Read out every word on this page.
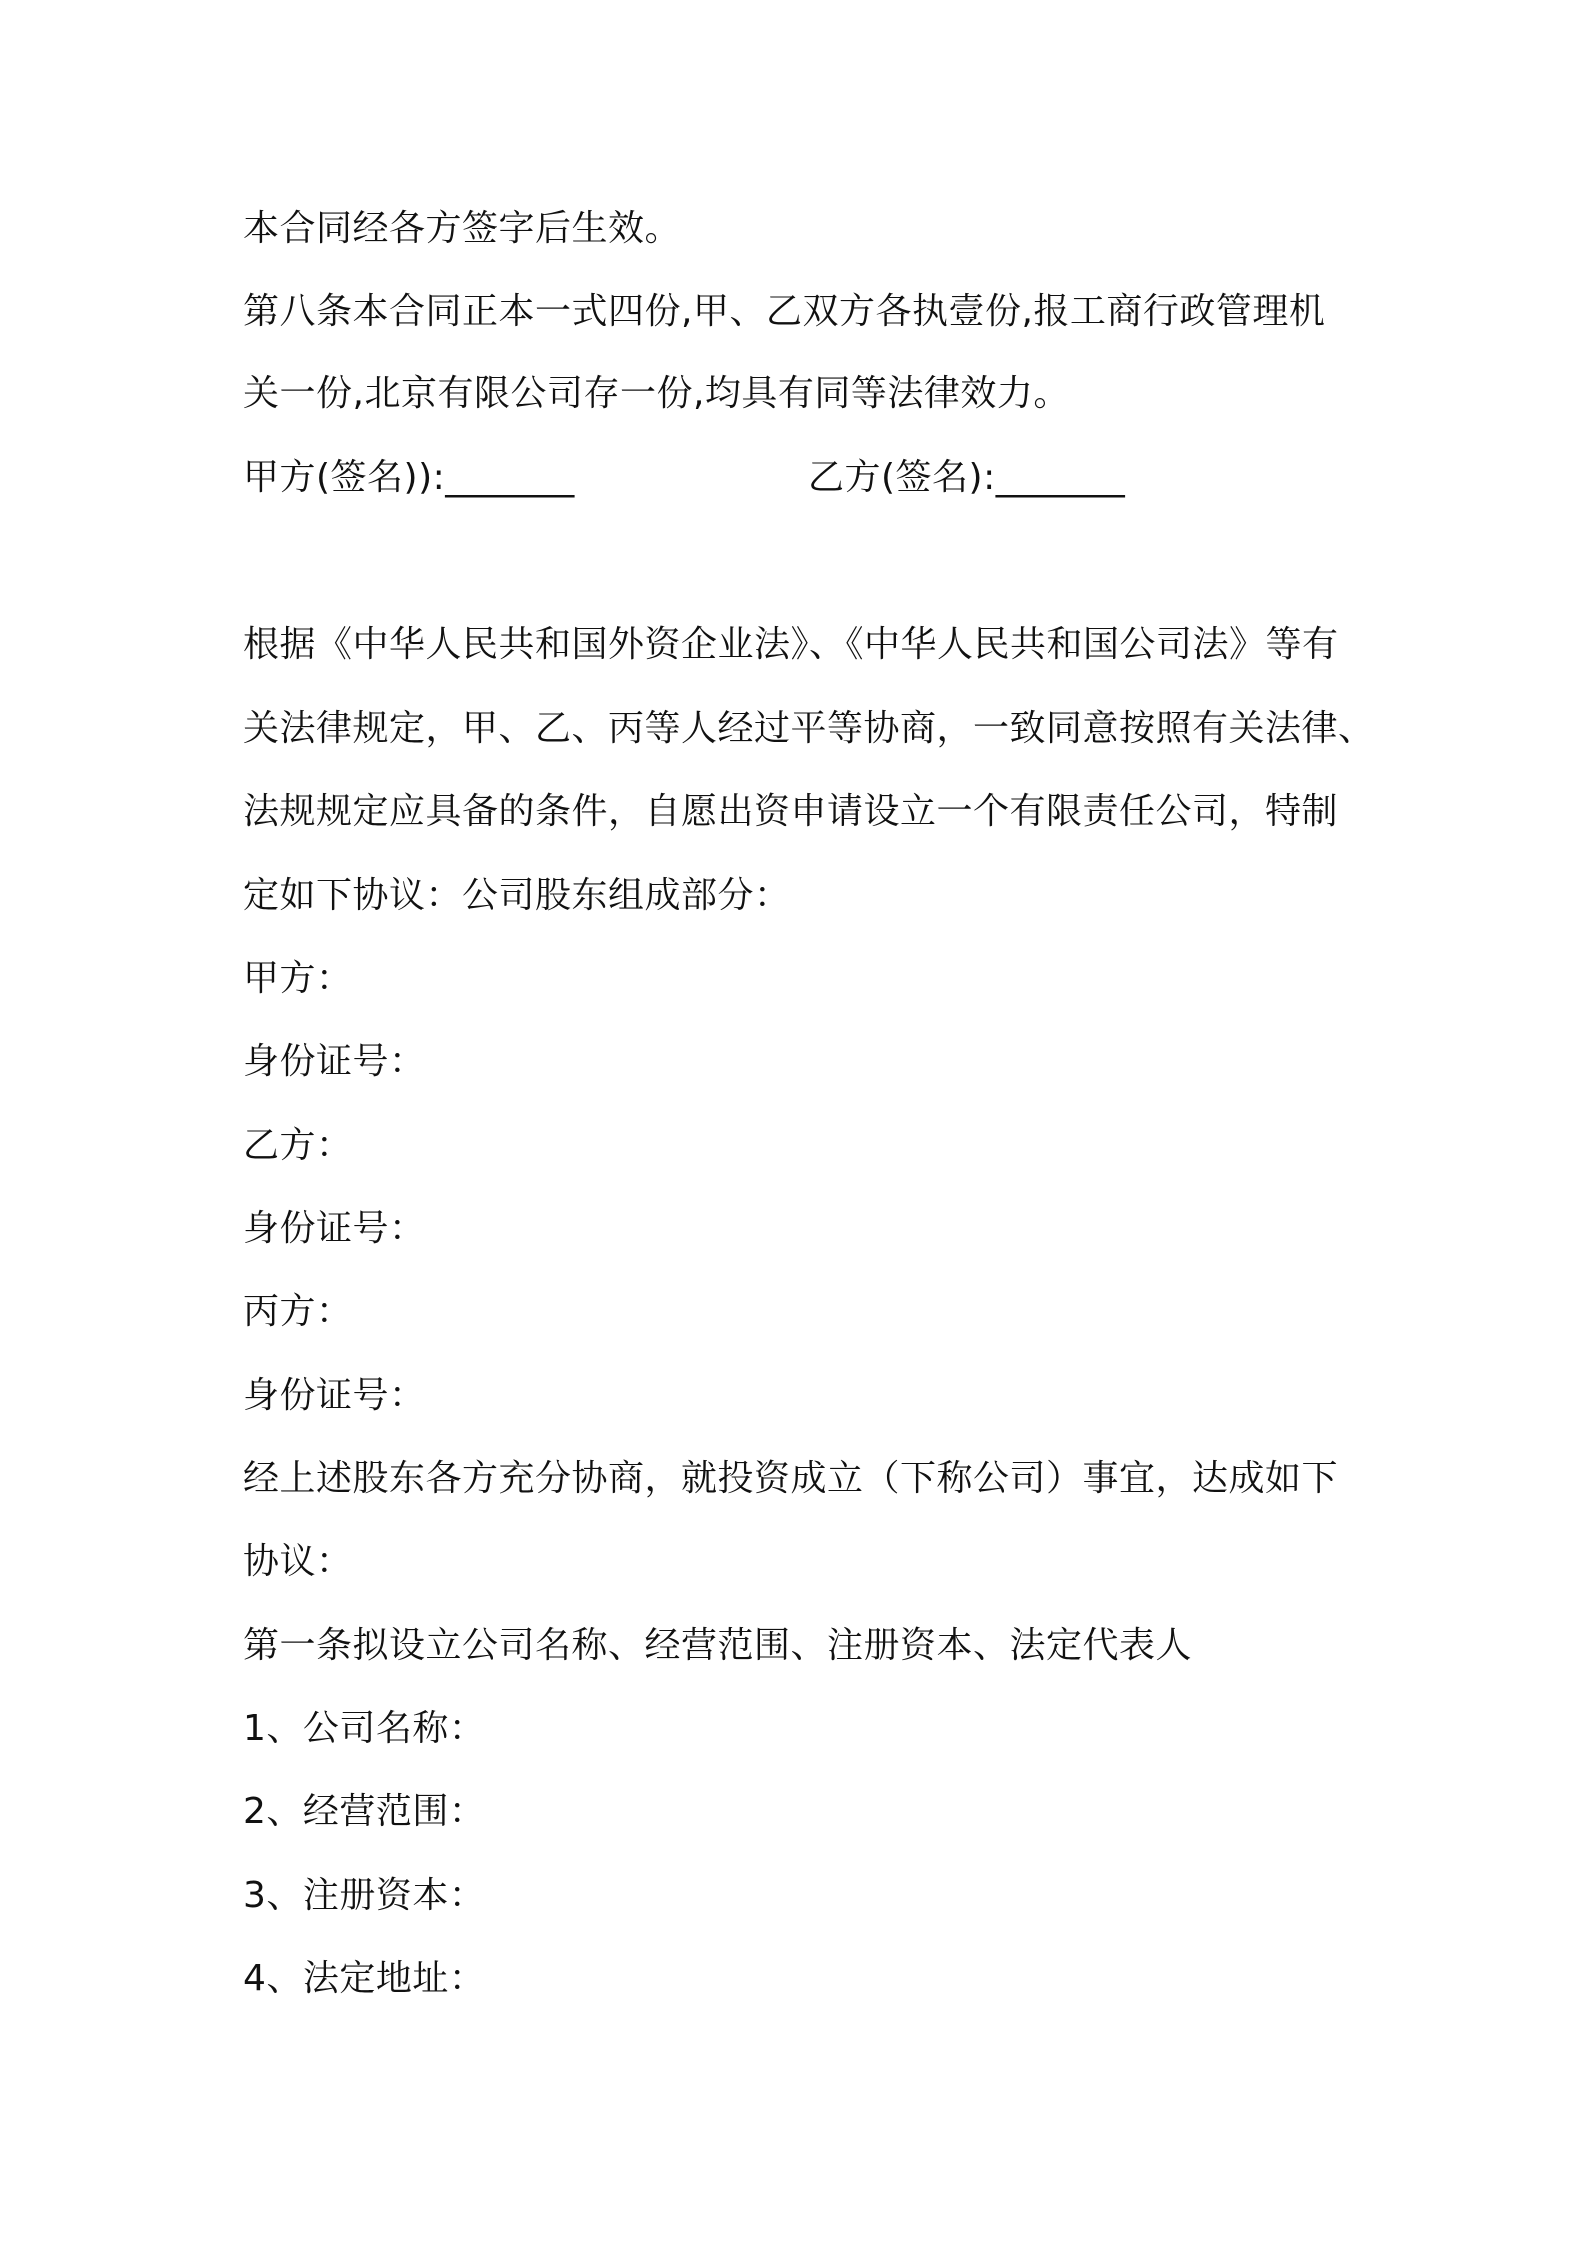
本合同经各方签字后生效。
第八条本合同正本一式四份,甲、乙双方各执壹份,报工商行政管理机
关一份,北京有限公司存一份,均具有同等法律效力。
甲方(签名)):_______	乙方(签名):_______
根据《中华人民共和国外资企业法》、《中华人民共和国公司法》等有
关法律规定，甲、乙、丙等人经过平等协商，一致同意按照有关法律、
法规规定应具备的条件，自愿出资申请设立一个有限责任公司，特制
定如下协议：公司股东组成部分：
甲方：
身份证号：
乙方：
身份证号：
丙方：
身份证号：
经上述股东各方充分协商，就投资成立（下称公司）事宜，达成如下
协议：
第一条拟设立公司名称、经营范围、注册资本、法定代表人
1、公司名称：
2、经营范围：
3、注册资本：
4、法定地址：
